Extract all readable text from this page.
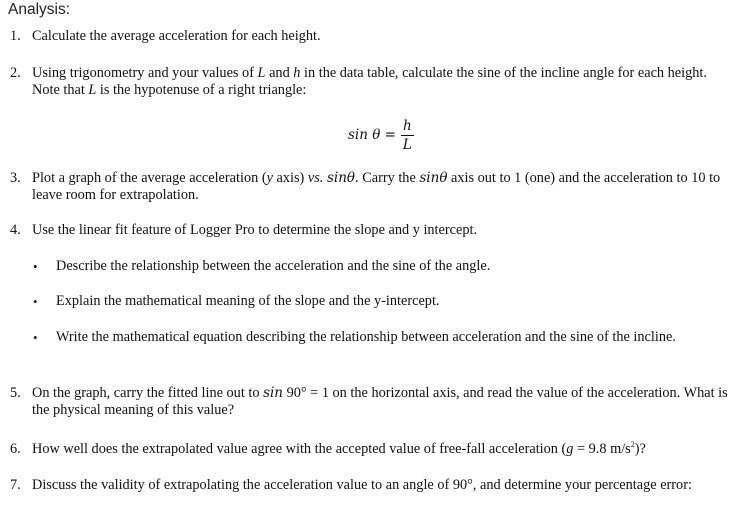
Analysis:
1. Calculate the average acceleration for each height.
2. Using trigonometry and your values of L and h in the data table, calculate the sine of the incline angle for each height. Note that L is the hypotenuse of a right triangle:
$\sin \theta = \frac{h}{L}$
3. Plot a graph of the average acceleration (y axis) vs. sinθ. Carry the sinθ axis out to 1 (one) and the acceleration to 10 to leave room for extrapolation.
4. Use the linear fit feature of Logger Pro to determine the slope and y intercept.
• Describe the relationship between the acceleration and the sine of the angle.
• Explain the mathematical meaning of the slope and the y-intercept.
• Write the mathematical equation describing the relationship between acceleration and the sine of the incline.
5. On the graph, carry the fitted line out to sin 90° = 1 on the horizontal axis, and read the value of the acceleration. What is the physical meaning of this value?
6. How well does the extrapolated value agree with the accepted value of free-fall acceleration (g = 9.8 $m/s^2$)?
7. Discuss the validity of extrapolating the acceleration value to an angle of 90°, and determine your percentage error:
